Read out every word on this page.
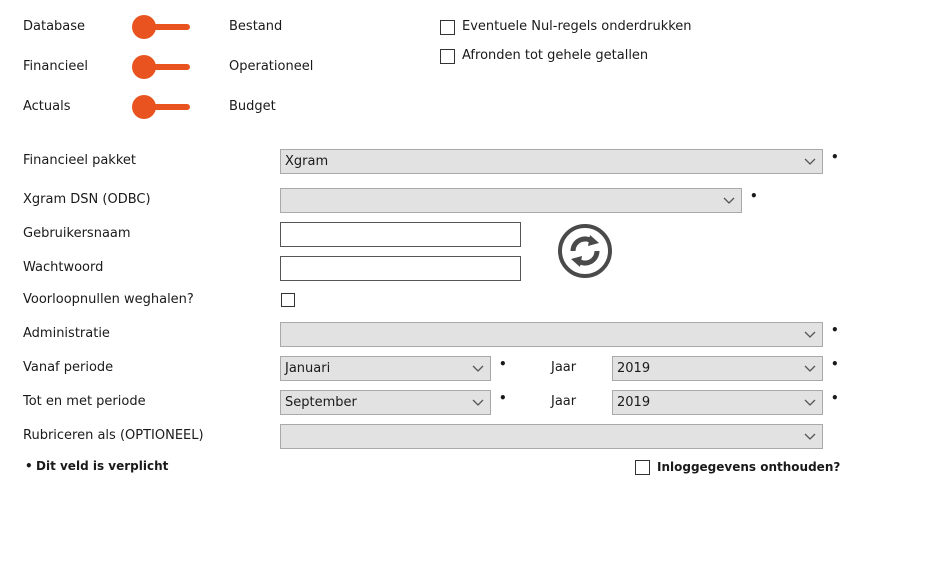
Database	Bestand
Financieel	Operationeel
Actuals	Budget
Eventuele Nul-regels onderdrukken
Afronden tot gehele getallen
Financieel pakket	Xgram	•
Xgram DSN (ODBC)	•
Gebruikersnaam
Wachtwoord
Voorloopnullen weghalen?
Administratie	•
Vanaf periode	Januari	•	Jaar	2019	•
Tot en met periode	September	•	Jaar	2019	•
Rubriceren als (OPTIONEEL)
• Dit veld is verplicht	Inloggegevens onthouden?
